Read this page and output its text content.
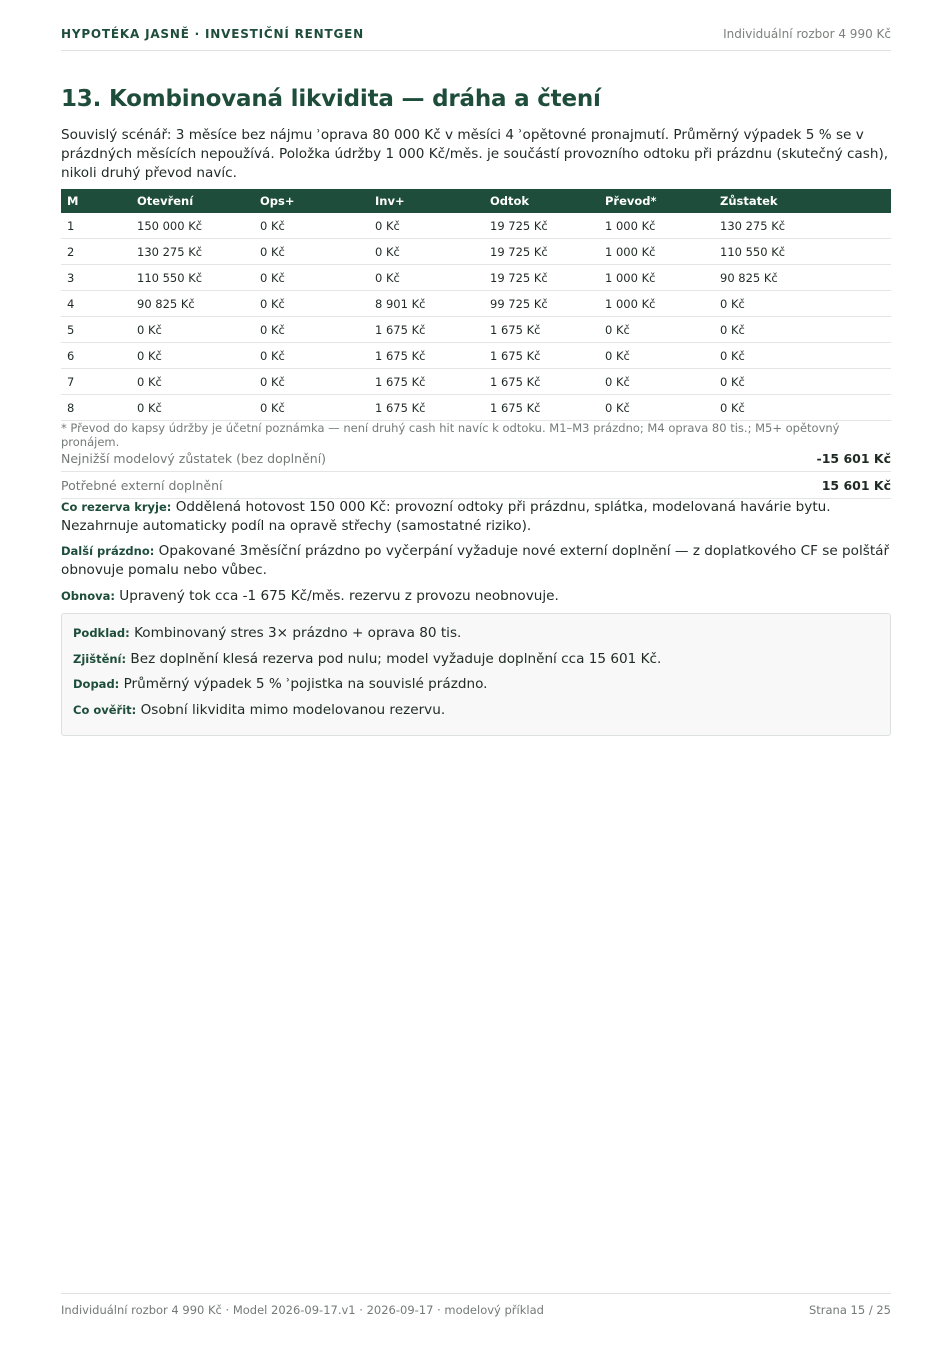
HYPOTÉKA JASNĚ · INVESTIČNÍ RENTGEN	Individuální rozbor 4 990 Kč
13. Kombinovaná likvidita — dráha a čtení

Souvislý scénář: 3 měsíce bez nájmu ʾoprava 80 000 Kč v měsíci 4 ʾopětovné pronajmutí. Průměrný výpadek 5 % se v prázdných měsících nepoužívá. Položka údržby 1 000 Kč/měs. je součástí provozního odtoku při prázdnu (skutečný cash), nikoli druhý převod navíc.

M	Otevření	Ops+	Inv+	Odtok	Převod*	Zůstatek
1	150 000 Kč	0 Kč	0 Kč	19 725 Kč	1 000 Kč	130 275 Kč
2	130 275 Kč	0 Kč	0 Kč	19 725 Kč	1 000 Kč	110 550 Kč
3	110 550 Kč	0 Kč	0 Kč	19 725 Kč	1 000 Kč	90 825 Kč
4	90 825 Kč	0 Kč	8 901 Kč	99 725 Kč	1 000 Kč	0 Kč
5	0 Kč	0 Kč	1 675 Kč	1 675 Kč	0 Kč	0 Kč
6	0 Kč	0 Kč	1 675 Kč	1 675 Kč	0 Kč	0 Kč
7	0 Kč	0 Kč	1 675 Kč	1 675 Kč	0 Kč	0 Kč
8	0 Kč	0 Kč	1 675 Kč	1 675 Kč	0 Kč	0 Kč
* Převod do kapsy údržby je účetní poznámka — není druhý cash hit navíc k odtoku. M1–M3 prázdno; M4 oprava 80 tis.; M5+ opětovný pronájem.
Nejnižší modelový zůstatek (bez doplnění)	-15 601 Kč
Potřebné externí doplnění	15 601 Kč

Co rezerva kryje: Oddělená hotovost 150 000 Kč: provozní odtoky při prázdnu, splátka, modelovaná havárie bytu. Nezahrnuje automaticky podíl na opravě střechy (samostatné riziko).

Další prázdno: Opakované 3měsíční prázdno po vyčerpání vyžaduje nové externí doplnění — z doplatkového CF se polštář obnovuje pomalu nebo vůbec.

Obnova: Upravený tok cca -1 675 Kč/měs. rezervu z provozu neobnovuje.

Podklad: Kombinovaný stres 3× prázdno + oprava 80 tis.
Zjištění: Bez doplnění klesá rezerva pod nulu; model vyžaduje doplnění cca 15 601 Kč.
Dopad: Průměrný výpadek 5 % ʾpojistka na souvislé prázdno.
Co ověřit: Osobní likvidita mimo modelovanou rezervu.
Individuální rozbor 4 990 Kč · Model 2026-09-17.v1 · 2026-09-17 · modelový příklad	Strana 15 / 25
